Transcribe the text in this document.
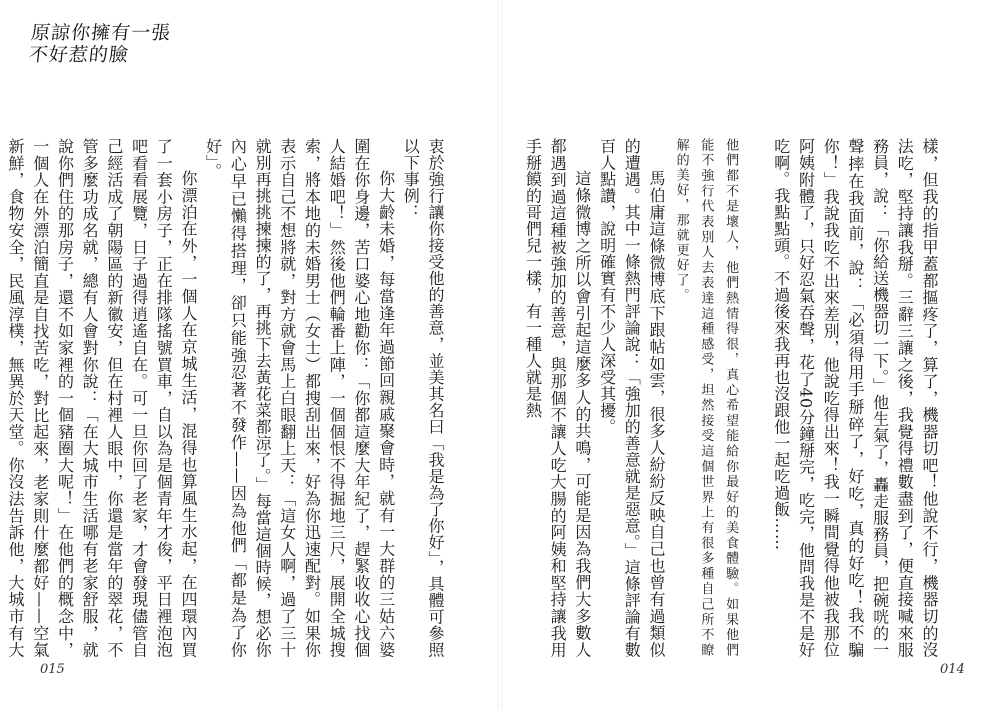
原諒你擁有一張
不好惹的臉

衷於強行讓你接受他的善意，並美其名曰「我是為了你好」，具體可參照以下事例：

你大齡未婚，每當逢年過節回親戚聚會時，就有一大群的三姑六婆圍在你身邊，苦口婆心地勸你：「你都這麼大年紀了，趕緊收收心找個人結婚吧！」然後他們輪番上陣，一個個恨不得掘地三尺，展開全城搜索，將本地的未婚男士（女士）都搜刮出來，好為你迅速配對。如果你表示自己不想將就，對方就會馬上白眼翻上天：「這女人啊，過了三十就別再挑挑揀揀的了，再挑下去黃花菜都涼了。」每當這個時候，想必你內心早已懶得搭理，卻只能強忍著不發作——因為他們「都是為了你好」。

你漂泊在外，一個人在京城生活，混得也算風生水起，在四環內買了一套小房子，正在排隊搖號買車，自以為是個青年才俊，平日裡泡泡吧看看展覽，日子過得逍遙自在。可一旦你回了老家，才會發現儘管自己經活成了朝陽區的新徽安，但在村裡人眼中，你還是當年的翠花，不管多麼功成名就，總有人會對你說：「在大城市生活哪有老家舒服，就說你們住的那房子，還不如家裡的一個豬圈大呢！」在他們的概念中，一個人在外漂泊簡直是自找苦吃，對比起來，老家則什麼都好——空氣新鮮，食物安全，民風淳樸，無異於天堂。你沒法告訴他，大城市有大

015

樣，但我的指甲蓋都摳疼了，算了，機器切吧！他說不行，機器切的沒法吃，堅持讓我掰。三辭三讓之後，我覺得禮數盡到了，便直接喊來服務員，說：「你給送機器切一下。」他生氣了，轟走服務員，把碗咣的一聲摔在我面前，說：「必須得用手掰碎了，好吃，真的好吃！我不騙你！」我說我吃不出來差別，他說吃得出來！我一瞬間覺得他被我那位阿姨附體了，只好忍氣吞聲，花了40分鐘掰完，吃完，他問我是不是好吃啊。我點點頭。不過後來我再也沒跟他一起吃過飯……

他們都不是壞人，他們熱情得很，真心希望能給你最好的美食體驗。如果他們能不強行代表別人去表達這種感受，坦然接受這個世界上有很多種自己所不瞭解的美好，那就更好了。

馬伯庸這條微博底下跟帖如雲，很多人紛紛反映自己也曾有過類似的遭遇。其中一條熱門評論說：「強加的善意就是惡意。」這條評論有數百人點讚，說明確實有不少人深受其擾。

這條微博之所以會引起這麼多人的共鳴，可能是因為我們大多數人都遇到過這種被強加的善意，與那個不讓人吃大腸的阿姨和堅持讓我用手掰饃的哥們兒一樣，有一種人就是熱

014
